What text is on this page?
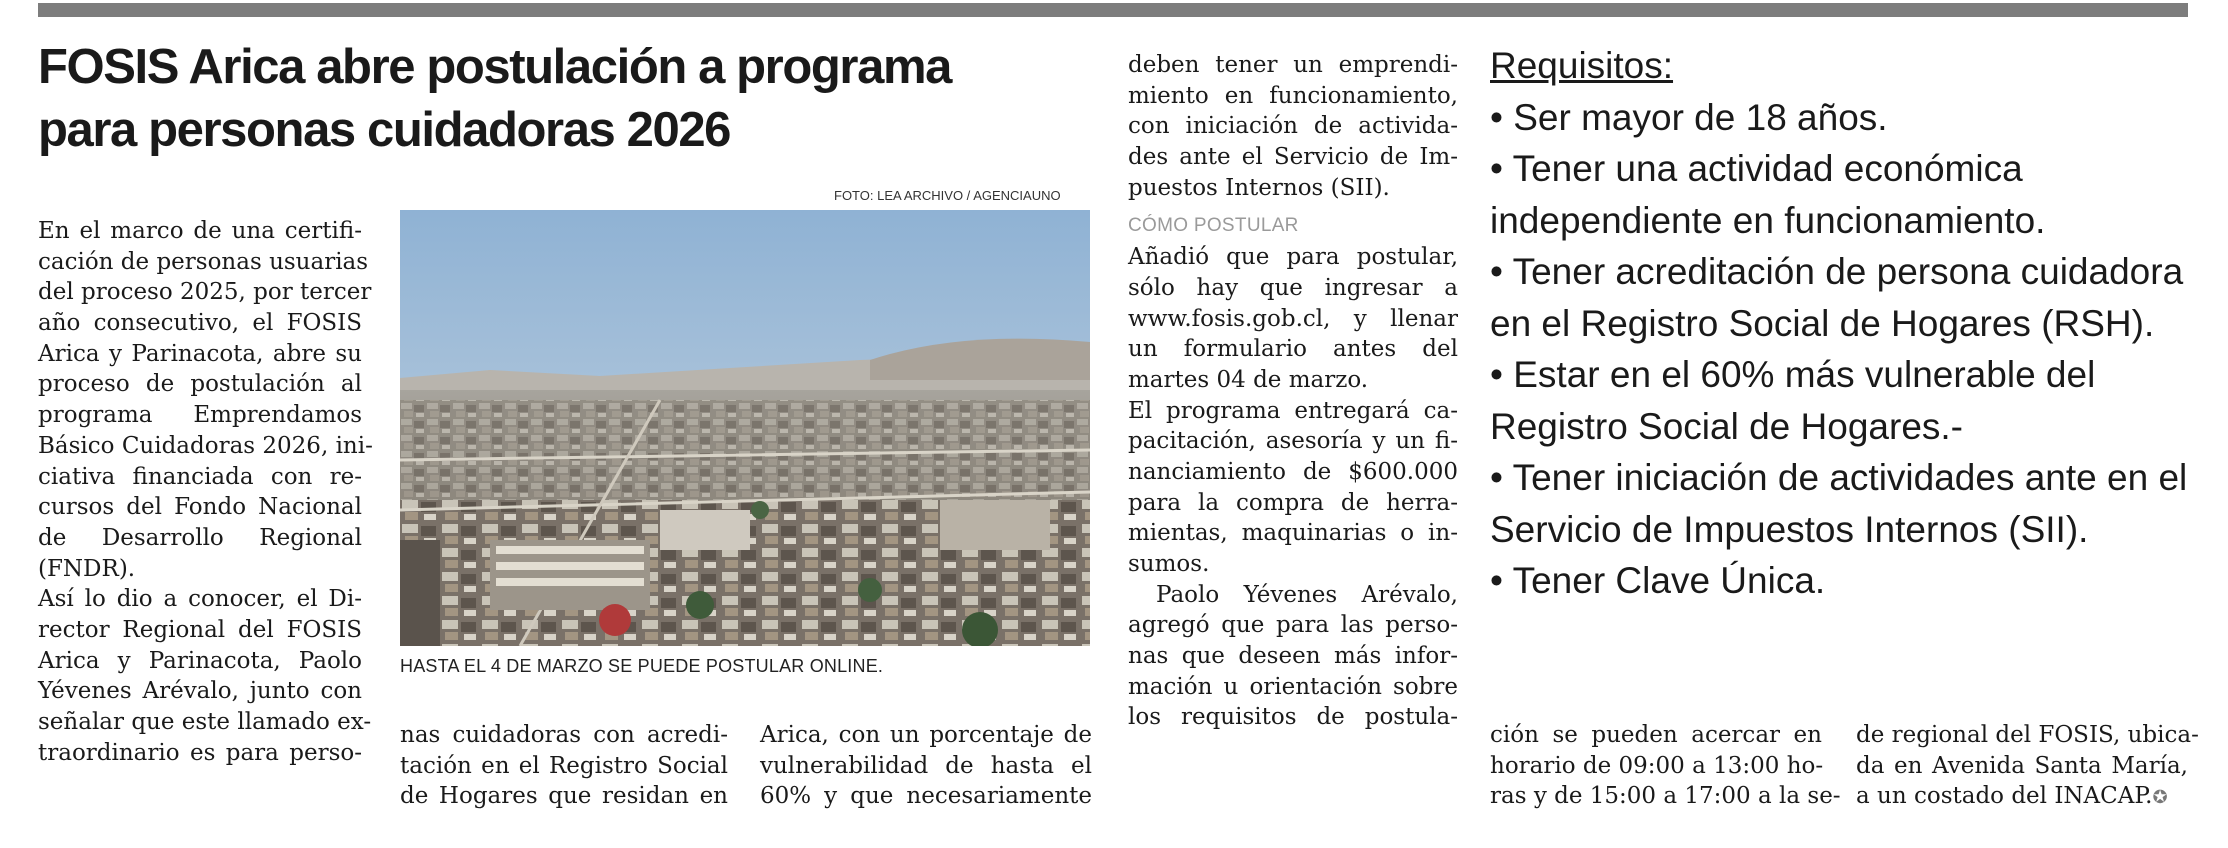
FOSIS Arica abre postulación a programa
para personas cuidadoras 2026
FOTO: LEA ARCHIVO / AGENCIAUNO
HASTA EL 4 DE MARZO SE PUEDE POSTULAR ONLINE.
En el marco de una certifi-
cación de personas usuarias
del proceso 2025, por tercer
año consecutivo, el FOSIS
Arica y Parinacota, abre su
proceso de postulación al
programa Emprendamos
Básico Cuidadoras 2026, ini-
ciativa financiada con re-
cursos del Fondo Nacional
de Desarrollo Regional
(FNDR).
Así lo dio a conocer, el Di-
rector Regional del FOSIS
Arica y Parinacota, Paolo
Yévenes Arévalo, junto con
señalar que este llamado ex-
traordinario es para perso-
nas cuidadoras con acredi-
tación en el Registro Social
de Hogares que residan en
Arica, con un porcentaje de
vulnerabilidad de hasta el
60% y que necesariamente
deben tener un emprendi-
miento en funcionamiento,
con iniciación de activida-
des ante el Servicio de Im-
puestos Internos (SII).
CÓMO POSTULAR
Añadió que para postular,
sólo hay que ingresar a
www.fosis.gob.cl, y llenar
un formulario antes del
martes 04 de marzo.
El programa entregará ca-
pacitación, asesoría y un fi-
nanciamiento de $600.000
para la compra de herra-
mientas, maquinarias o in-
sumos.
Paolo Yévenes Arévalo,
agregó que para las perso-
nas que deseen más infor-
mación u orientación sobre
los requisitos de postula-
Requisitos:
• Ser mayor de 18 años.
• Tener una actividad económica independiente en funcionamiento.
• Tener acreditación de persona cuidadora en el Registro Social de Hogares (RSH).
• Estar en el 60% más vulnerable del Registro Social de Hogares.-
• Tener iniciación de actividades ante en el Servicio de Impuestos Internos (SII).
• Tener Clave Única.
ción se pueden acercar en
horario de 09:00 a 13:00 ho-
ras y de 15:00 a 17:00 a la se-
de regional del FOSIS, ubica-
da en Avenida Santa María,
a un costado del INACAP.✪
